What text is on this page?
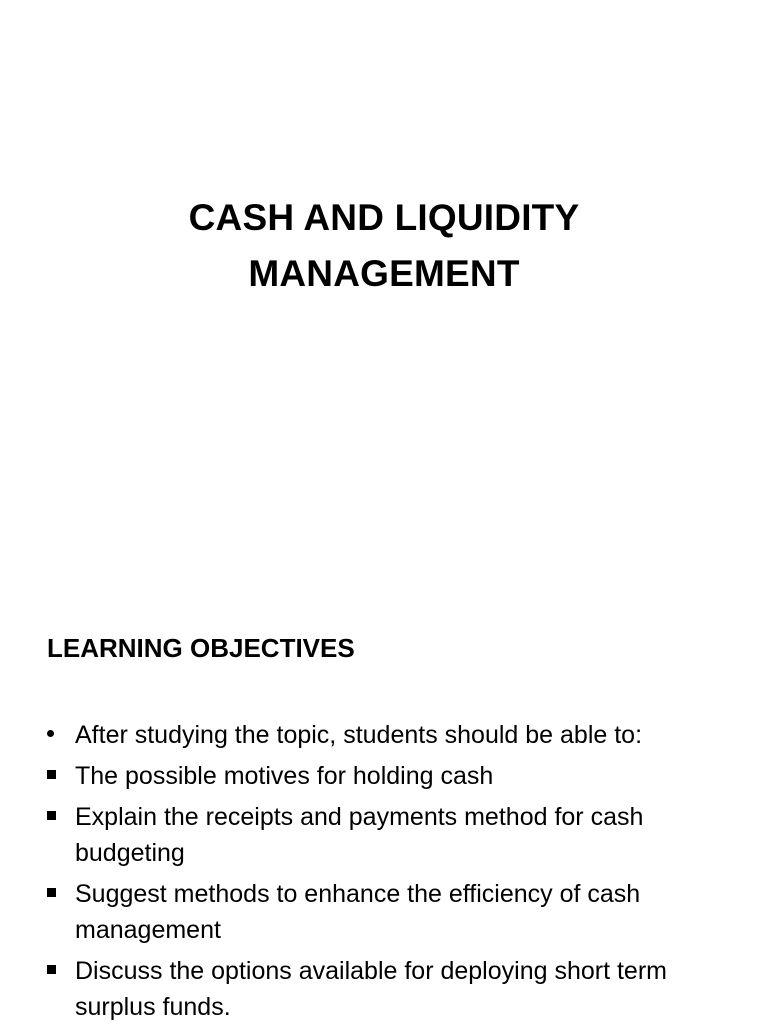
CASH AND LIQUIDITY
MANAGEMENT
LEARNING OBJECTIVES
After studying the topic, students should be able to:
The possible motives for holding cash
Explain the receipts and payments method for cash budgeting
Suggest methods to enhance the efficiency of cash management
Discuss the options available for deploying short term surplus funds.
